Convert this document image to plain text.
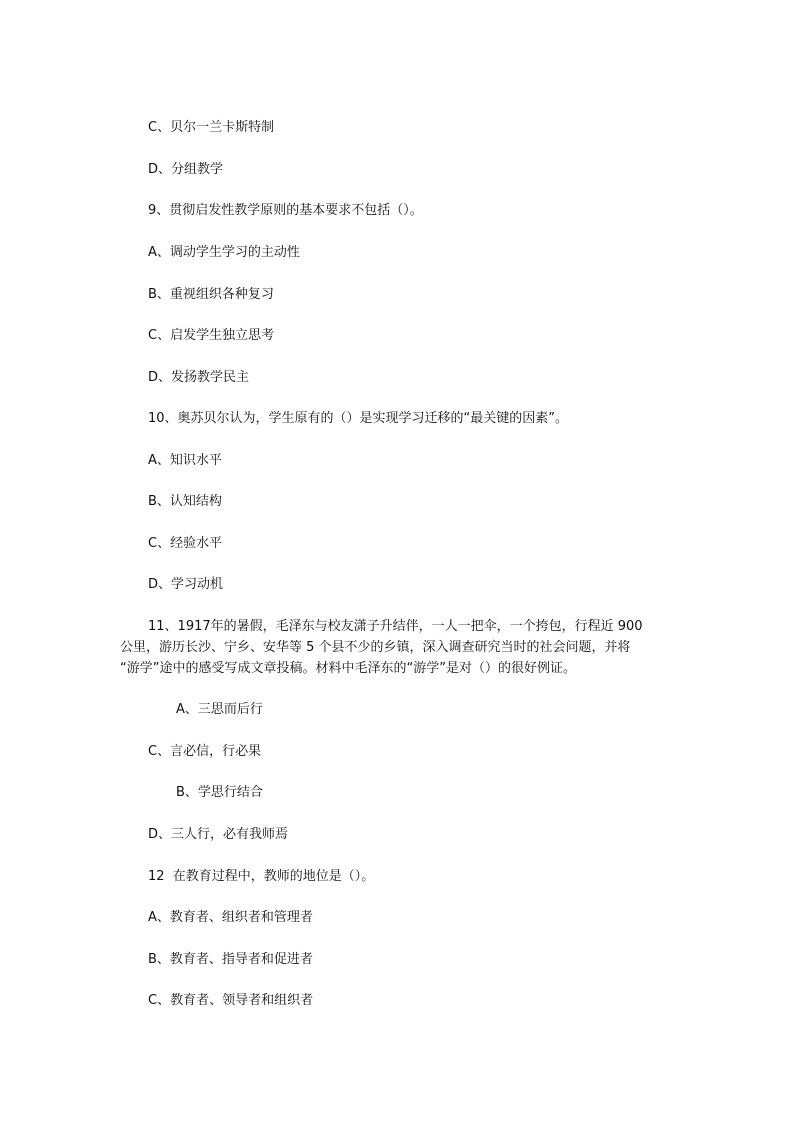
C、贝尔一兰卡斯特制
D、分组教学
9、贯彻启发性教学原则的基本要求不包括（）。
A、调动学生学习的主动性
B、重视组织各种复习
C、启发学生独立思考
D、发扬教学民主
10、奥苏贝尔认为，学生原有的（）是实现学习迁移的“最关键的因素”。
A、知识水平
B、认知结构
C、经验水平
D、学习动机
11、1917年的暑假，毛泽东与校友潇子升结伴，一人一把伞，一个挎包，行程近 900
公里，游历长沙、宁乡、安华等 5 个县不少的乡镇，深入调查研究当时的社会问题，并将
“游学”途中的感受写成文章投稿。材料中毛泽东的“游学”是对（）的很好例证。
A、三思而后行
C、言必信，行必果
B、学思行结合
D、三人行，必有我师焉
12  在教育过程中，教师的地位是（）。
A、教育者、组织者和管理者
B、教育者、指导者和促进者
C、教育者、领导者和组织者
